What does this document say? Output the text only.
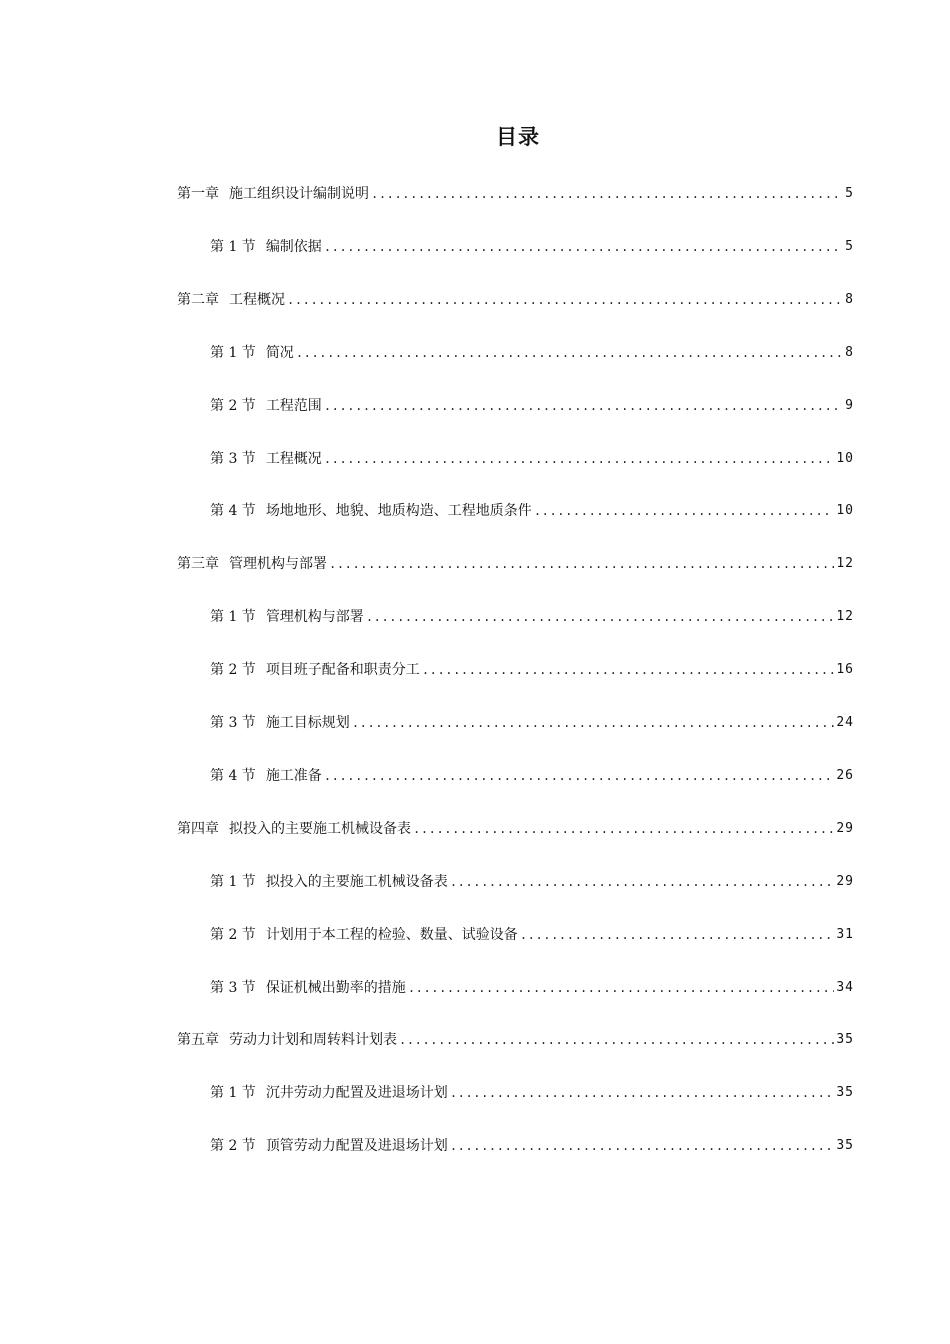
目录
第一章 施工组织设计编制说明 .....	5
第 1 节 编制依据 .....	5
第二章 工程概况 .....	8
第 1 节 简况 .....	8
第 2 节 工程范围 .....	9
第 3 节 工程概况 .....	10
第 4 节 场地地形、地貌、地质构造、工程地质条件 .....	10
第三章 管理机构与部署 .....	12
第 1 节 管理机构与部署 .....	12
第 2 节 项目班子配备和职责分工 .....	16
第 3 节 施工目标规划 .....	24
第 4 节 施工准备 .....	26
第四章 拟投入的主要施工机械设备表 .....	29
第 1 节 拟投入的主要施工机械设备表 .....	29
第 2 节 计划用于本工程的检验、数量、试验设备 .....	31
第 3 节 保证机械出勤率的措施 .....	34
第五章 劳动力计划和周转料计划表 .....	35
第 1 节 沉井劳动力配置及进退场计划 .....	35
第 2 节 顶管劳动力配置及进退场计划 .....	35
